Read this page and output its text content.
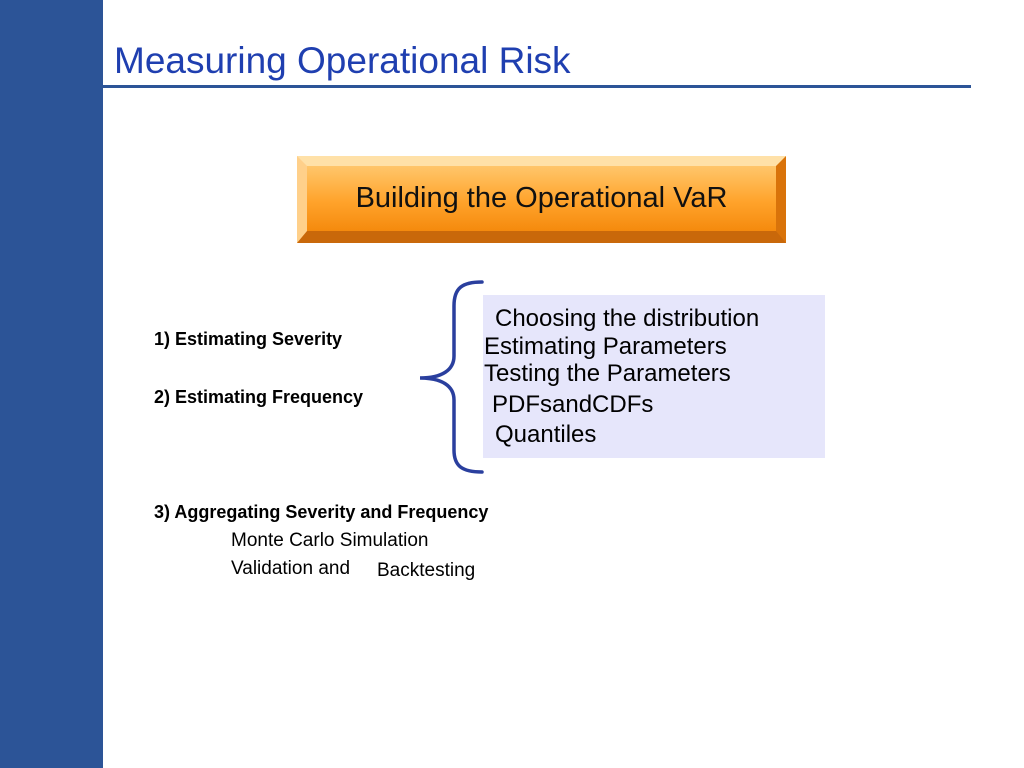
Measuring Operational Risk
Building the Operational VaR
Choosing the distribution
Estimating Parameters
Testing the Parameters
PDFsandCDFs
Quantiles
1) Estimating Severity
2) Estimating Frequency
3) Aggregating Severity and Frequency
Monte Carlo Simulation
Validation and Backtesting
